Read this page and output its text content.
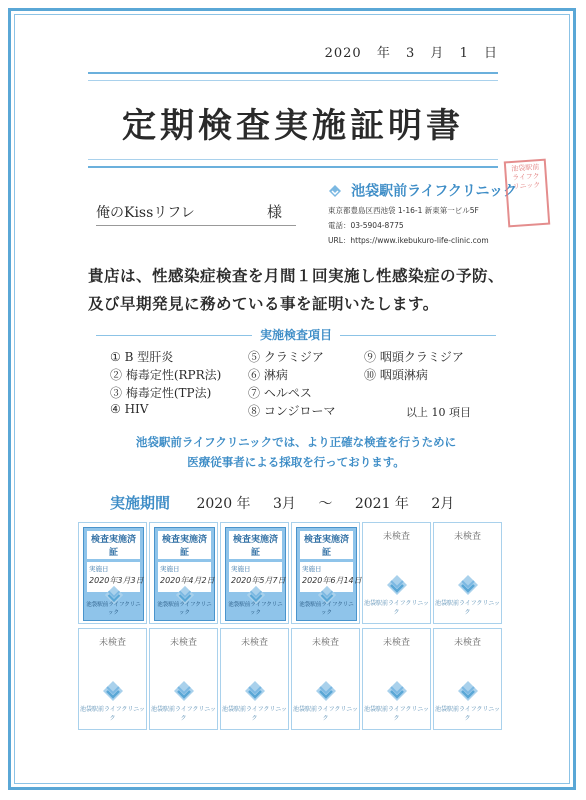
2020 年 3 月 1 日
定期検査実施証明書
俺のKissリフレ	様
池袋駅前ライフクリニック
東京都豊島区西池袋 1-16-1 新東第一ビル5F
電話：03-5904-8775
URL：https://www.ikebukuro-life-clinic.com
池袋駅前ライフクリニック
貴店は、性感染症検査を月間１回実施し性感染症の予防、
及び早期発見に務めている事を証明いたします。
実施検査項目
① B 型肝炎
② 梅毒定性(RPR法)
③ 梅毒定性(TP法)
④ HIV
⑤ クラミジア
⑥ 淋病
⑦ ヘルペス
⑧ コンジローマ
⑨ 咽頭クラミジア
⑩ 咽頭淋病
以上 10 項目
池袋駅前ライフクリニックでは、より正確な検査を行うために
医療従事者による採取を行っております。
実施期間 2020 年 3月 ～ 2021 年 2月
検査実施済証
実施日
2020年3月3日
池袋駅前ライフクリニック
検査実施済証
実施日
2020年4月2日
池袋駅前ライフクリニック
検査実施済証
実施日
2020年5月7日
池袋駅前ライフクリニック
検査実施済証
実施日
2020年6月14日
池袋駅前ライフクリニック
未検査
池袋駅前ライフクリニック
未検査
池袋駅前ライフクリニック
未検査
池袋駅前ライフクリニック
未検査
池袋駅前ライフクリニック
未検査
池袋駅前ライフクリニック
未検査
池袋駅前ライフクリニック
未検査
池袋駅前ライフクリニック
未検査
池袋駅前ライフクリニック
